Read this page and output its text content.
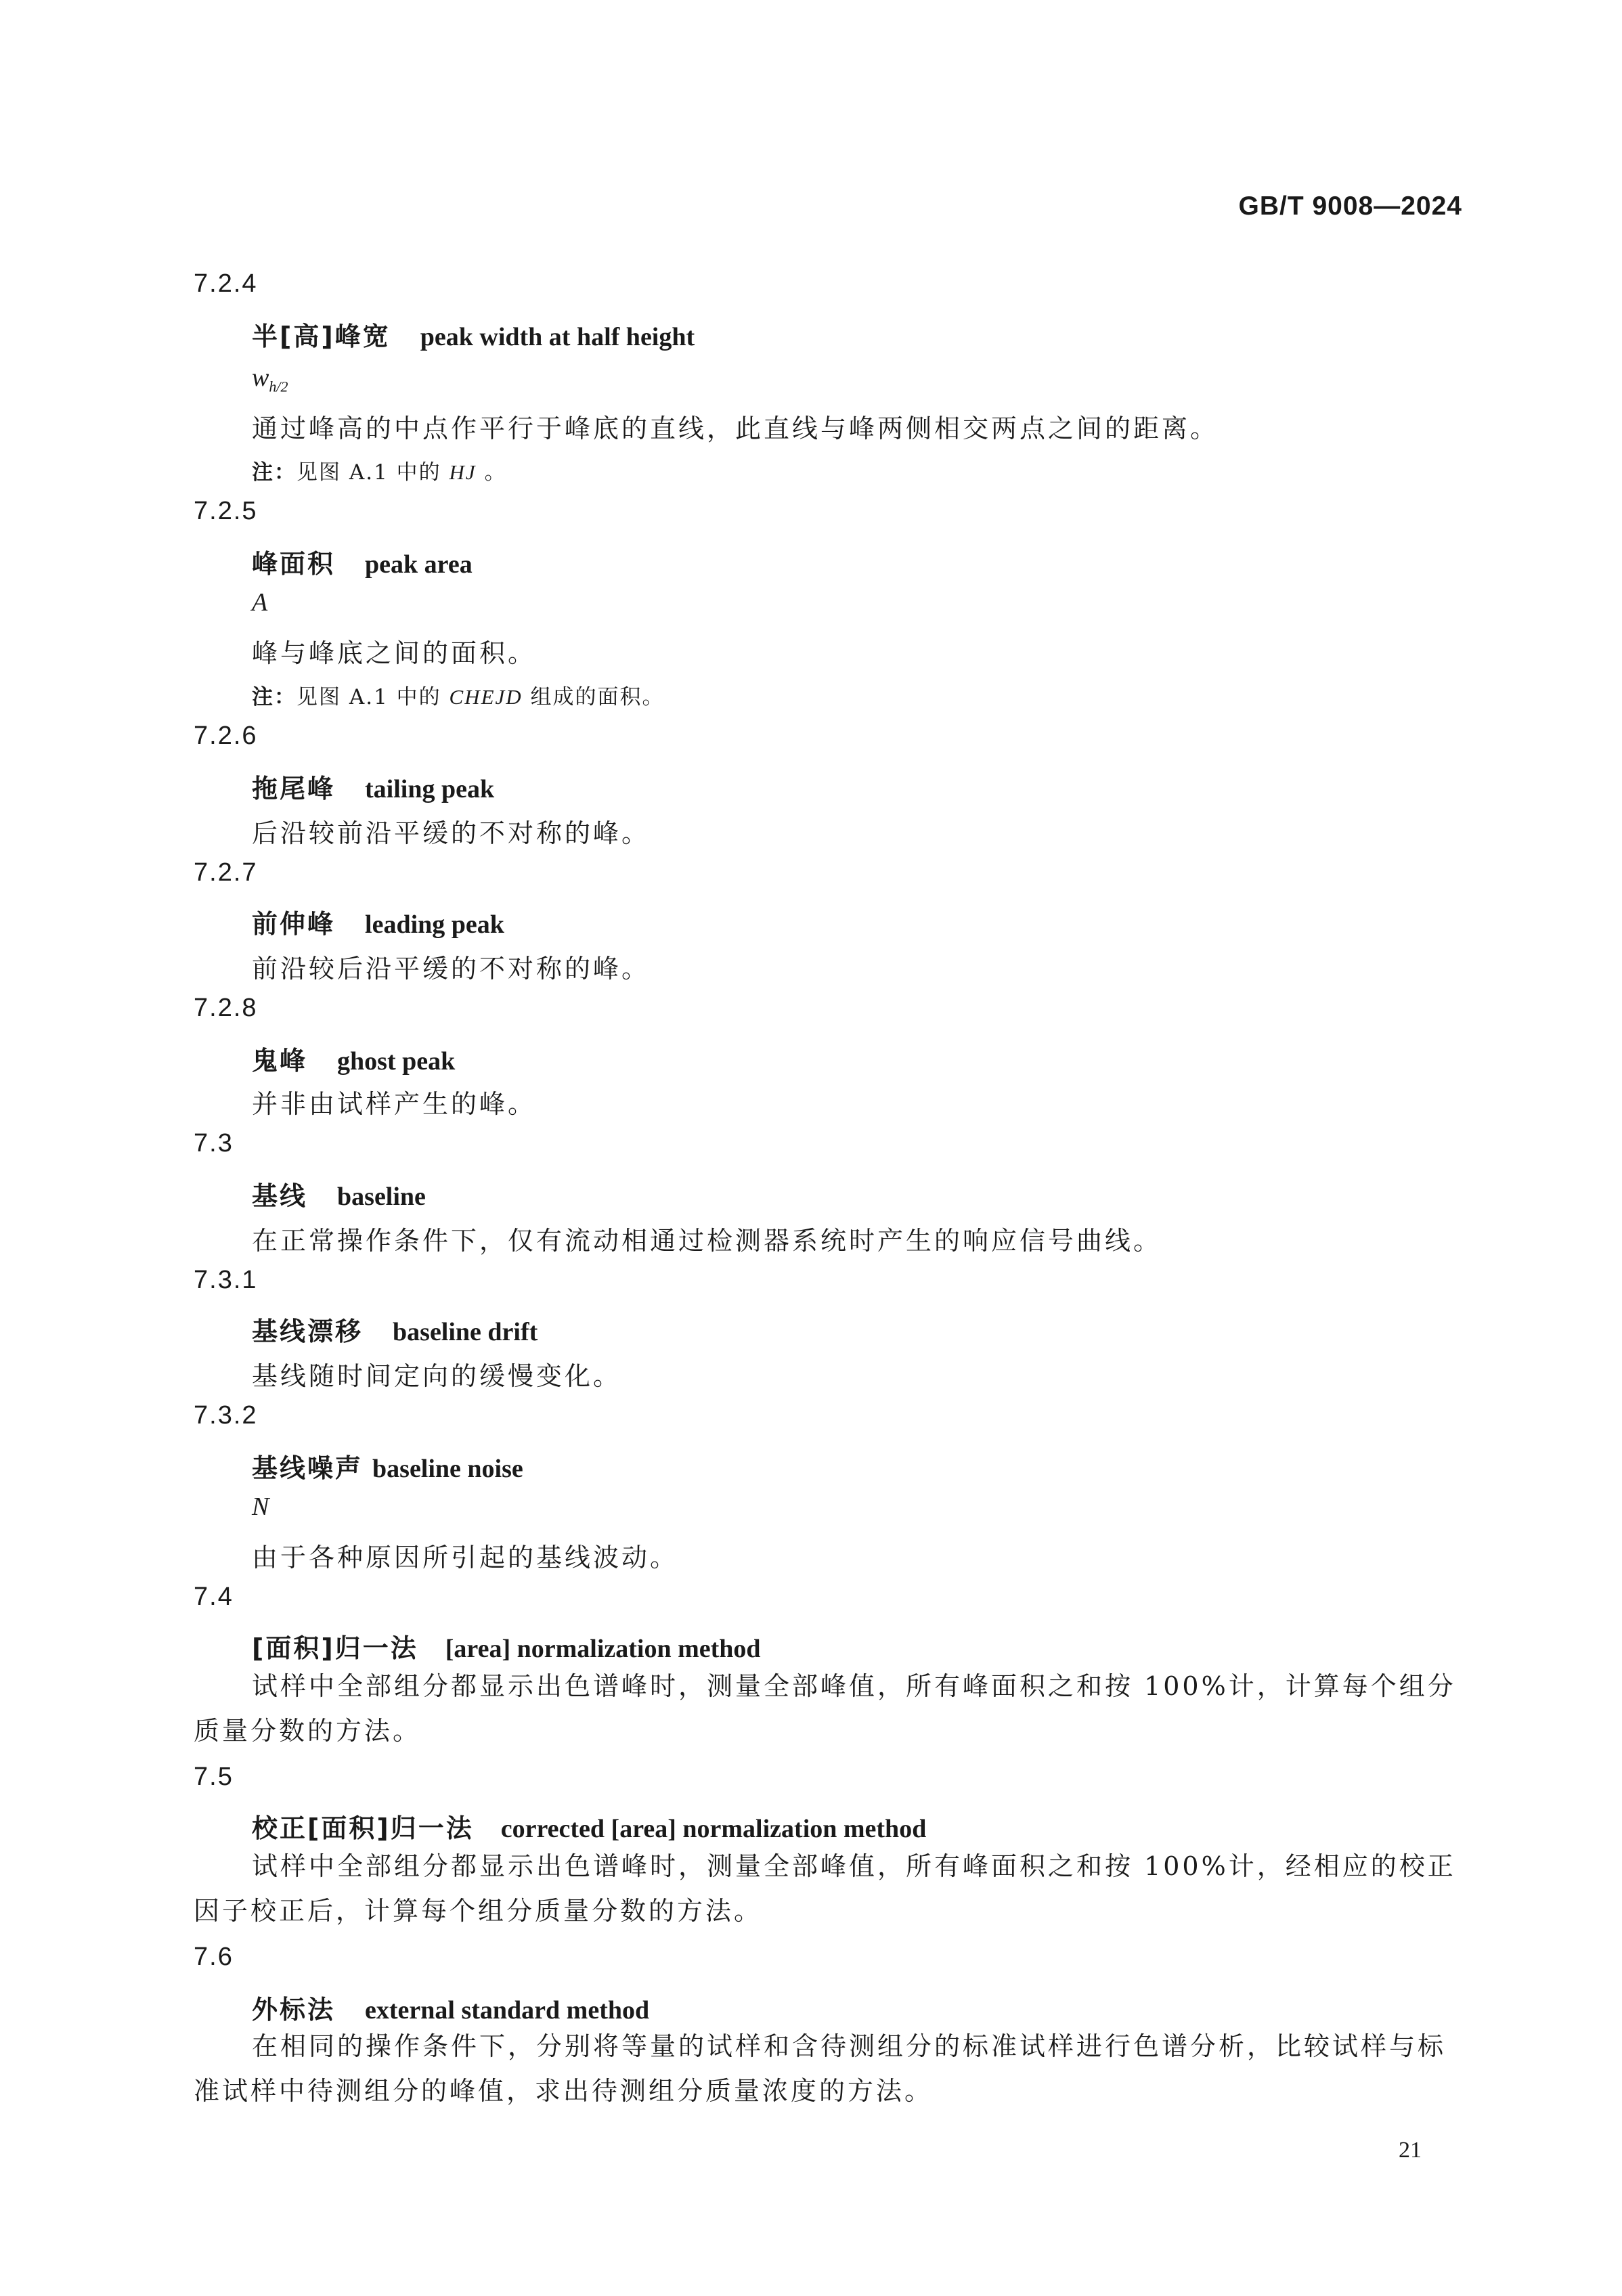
GB/T 9008—2024
7.2.4
半[高]峰宽 peak width at half height
$w_{h/2}$
通过峰高的中点作平行于峰底的直线，此直线与峰两侧相交两点之间的距离。
注：见图 A.1 中的 HJ 。
7.2.5
峰面积 peak area
A
峰与峰底之间的面积。
注：见图 A.1 中的 CHEJD 组成的面积。
7.2.6
拖尾峰 tailing peak
后沿较前沿平缓的不对称的峰。
7.2.7
前伸峰 leading peak
前沿较后沿平缓的不对称的峰。
7.2.8
鬼峰 ghost peak
并非由试样产生的峰。
7.3
基线 baseline
在正常操作条件下，仅有流动相通过检测器系统时产生的响应信号曲线。
7.3.1
基线漂移 baseline drift
基线随时间定向的缓慢变化。
7.3.2
基线噪声 baseline noise
N
由于各种原因所引起的基线波动。
7.4
[面积]归一法 [area] normalization method
试样中全部组分都显示出色谱峰时，测量全部峰值，所有峰面积之和按 100%计，计算每个组分质量分数的方法。
7.5
校正[面积]归一法 corrected [area] normalization method
试样中全部组分都显示出色谱峰时，测量全部峰值，所有峰面积之和按 100%计，经相应的校正因子校正后，计算每个组分质量分数的方法。
7.6
外标法 external standard method
在相同的操作条件下，分别将等量的试样和含待测组分的标准试样进行色谱分析，比较试样与标准试样中待测组分的峰值，求出待测组分质量浓度的方法。
21
